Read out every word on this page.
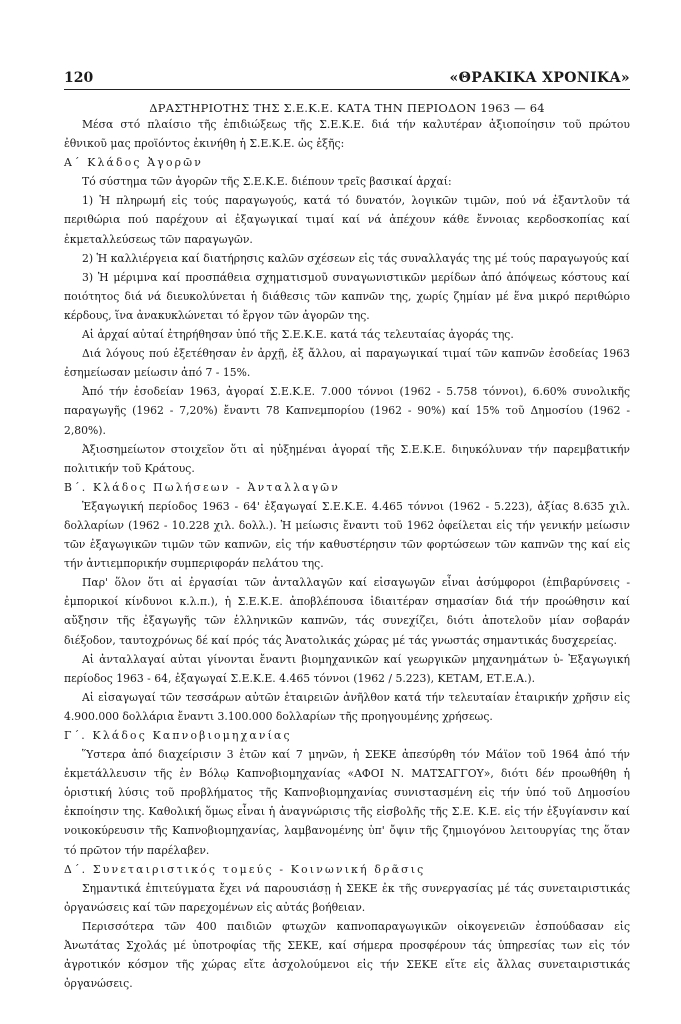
120	«ΘΡΑΚΙΚΑ ΧΡΟΝΙΚΑ»
ΔΡΑΣΤΗΡΙΟΤΗΣ ΤΗΣ Σ.Ε.Κ.Ε. ΚΑΤΑ ΤΗΝ ΠΕΡΙΟΔΟΝ 1963 — 64

Μέσα στό πλαίσιο τῆς ἐπιδιώξεως τῆς Σ.Ε.Κ.Ε. διά τήν καλυτέραν ἀξιοποίησιν τοῦ πρώτου ἐθνικοῦ μας προϊόντος ἐκινήθη ἡ Σ.Ε.Κ.Ε. ὡς ἑξῆς:

Α΄ Κλάδος Ἀγορῶν

Τό σύστημα τῶν ἀγορῶν τῆς Σ.Ε.Κ.Ε. διέπουν τρεῖς βασικαί ἀρχαί:

1) Ἡ πληρωμή εἰς τούς παραγωγούς, κατά τό δυνατόν, λογικῶν τιμῶν, πού νά ἐξαντλοῦν τά περιθώρια πού παρέχουν αἱ ἐξαγωγικαί τιμαί καί νά ἀπέχουν κάθε ἔννοιας κερδοσκοπίας καί ἐκμεταλλεύσεως τῶν παραγωγῶν.

2) Ἡ καλλιέργεια καί διατήρησις καλῶν σχέσεων εἰς τάς συναλλαγάς της μέ τούς παραγωγούς καί

3) Ἡ μέριμνα καί προσπάθεια σχηματισμοῦ συναγωνιστικῶν μερίδων ἀπό ἀπόψεως κόστους καί ποιότητος διά νά διευκολύνεται ἡ διάθεσις τῶν καπνῶν της, χωρίς ζημίαν μέ ἕνα μικρό περιθώριο κέρδους, ἵνα ἀνακυκλώνεται τό ἔργον τῶν ἀγορῶν της.

Αἱ ἀρχαί αὐταί ἐτηρήθησαν ὑπό τῆς Σ.Ε.Κ.Ε. κατά τάς τελευταίας ἀγοράς της.

Διά λόγους πού ἐξετέθησαν ἐν ἀρχῇ, ἐξ ἄλλου, αἱ παραγωγικαί τιμαί τῶν καπνῶν ἐσοδείας 1963 ἐσημείωσαν μείωσιν ἀπό 7 - 15%.

Ἀπό τήν ἐσοδείαν 1963, ἀγοραί Σ.Ε.Κ.Ε. 7.000 τόννοι (1962 - 5.758 τόννοι), 6.60% συνολικῆς παραγωγῆς (1962 - 7,20%) ἔναντι 78 Καπνεμπορίου (1962 - 90%) καί 15% τοῦ Δημοσίου (1962 - 2,80%).

Ἀξιοσημείωτον στοιχεῖον ὅτι αἱ ηὐξημέναι ἀγοραί τῆς Σ.Ε.Κ.Ε. διηυκόλυναν τήν παρεμβατικήν πολιτικήν τοῦ Κράτους.

Β΄. Κλάδος Πωλήσεων - Ἀνταλλαγῶν

Ἐξαγωγική περίοδος 1963 - 64' ἐξαγωγαί Σ.Ε.Κ.Ε. 4.465 τόννοι (1962 - 5.223), ἀξίας 8.635 χιλ. δολλαρίων (1962 - 10.228 χιλ. δολλ.). Ἡ μείωσις ἔναντι τοῦ 1962 ὀφείλεται εἰς τήν γενικήν μείωσιν τῶν ἐξαγωγικῶν τιμῶν τῶν καπνῶν, εἰς τήν καθυστέρησιν τῶν φορτώσεων τῶν καπνῶν της καί εἰς τήν ἀντιεμπορικήν συμπεριφοράν πελάτου της.

Παρ' ὅλον ὅτι αἱ ἐργασίαι τῶν ἀνταλλαγῶν καί εἰσαγωγῶν εἶναι ἀσύμφοροι (ἐπιβαρύνσεις - ἐμπορικοί κίνδυνοι κ.λ.π.), ἡ Σ.Ε.Κ.Ε. ἀποβλέπουσα ἰδιαιτέραν σημασίαν διά τήν προώθησιν καί αὔξησιν τῆς ἐξαγωγῆς τῶν ἑλληνικῶν καπνῶν, τάς συνεχίζει, διότι ἀποτελοῦν μίαν σοβαράν διέξοδον, ταυτοχρόνως δέ καί πρός τάς Ἀνατολικάς χώρας μέ τάς γνωστάς σημαντικάς δυσχερείας.

Αἱ ἀνταλλαγαί αὐται γίνονται ἔναντι βιομηχανικῶν καί γεωργικῶν μηχανημάτων ὑ- Ἐξαγωγική περίοδος 1963 - 64, ἐξαγωγαί Σ.Ε.Κ.Ε. 4.465 τόννοι (1962 / 5.223), ΚΕΤΑΜ, ΕΤ.Ε.Α.).

Αἱ εἰσαγωγαί τῶν τεσσάρων αὐτῶν ἑταιρειῶν ἀνῆλθον κατά τήν τελευταίαν ἑταιρικήν χρῆσιν εἰς 4.900.000 δολλάρια ἔναντι 3.100.000 δολλαρίων τῆς προηγουμένης χρήσεως.

Γ΄. Κλάδος Καπνοβιομηχανίας

Ὕστερα ἀπό διαχείρισιν 3 ἐτῶν καί 7 μηνῶν, ἡ ΣΕΚΕ ἀπεσύρθη τόν Μάϊον τοῦ 1964 ἀπό τήν ἐκμετάλλευσιν τῆς ἐν Βόλῳ Καπνοβιομηχανίας «ΑΦΟΙ Ν. ΜΑΤΣΑΓΓΟΥ», διότι δέν προωθήθη ἡ ὁριστική λύσις τοῦ προβλήματος τῆς Καπνοβιομηχανίας συνιστασμένη εἰς τήν ὑπό τοῦ Δημοσίου ἐκποίησιν της. Καθολική ὅμως εἶναι ἡ ἀναγνώρισις τῆς εἰσβολῆς τῆς Σ.Ε. Κ.Ε. εἰς τήν ἐξυγίανσιν καί νοικοκύρευσιν τῆς Καπνοβιομηχανίας, λαμβανομένης ὑπ' ὄψιν τῆς ζημιογόνου λειτουργίας της ὅταν τό πρῶτον τήν παρέλαβεν.

Δ΄. Συνεταιριστικός τομεύς - Κοινωνική δρᾶσις

Σημαντικά ἐπιτεύγματα ἔχει νά παρουσιάσῃ ἡ ΣΕΚΕ ἐκ τῆς συνεργασίας μέ τάς συνεταιριστικάς ὀργανώσεις καί τῶν παρεχομένων εἰς αὐτάς βοήθειαν.

Περισσότερα τῶν 400 παιδιῶν φτωχῶν καπνοπαραγωγικῶν οἰκογενειῶν ἐσπούδασαν εἰς Ἀνωτάτας Σχολάς μέ ὑποτροφίας τῆς ΣΕΚΕ, καί σήμερα προσφέρουν τάς ὑπηρεσίας των εἰς τόν ἀγροτικόν κόσμον τῆς χώρας εἴτε ἀσχολούμενοι εἰς τήν ΣΕΚΕ εἴτε εἰς ἄλλας συνεταιριστικάς ὀργανώσεις.
